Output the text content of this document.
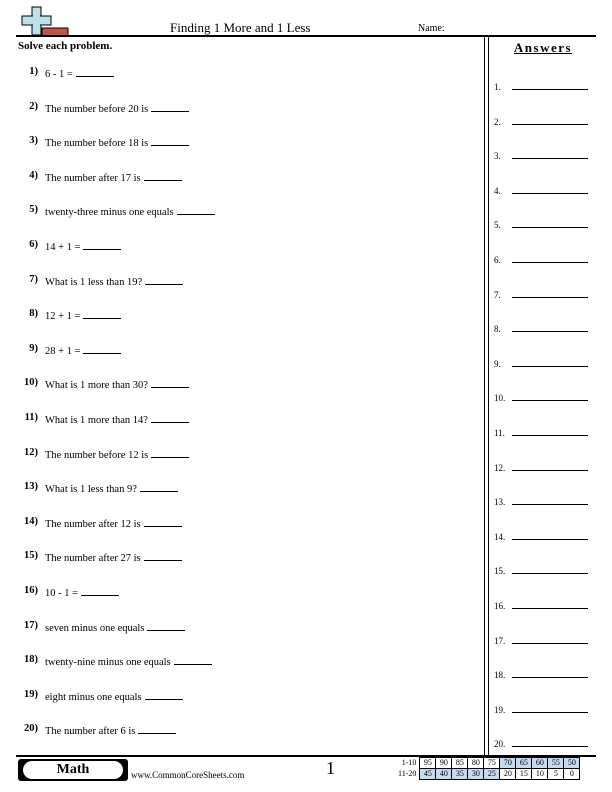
Finding 1 More and 1 Less	Name:
Solve each problem.
1) 6 - 1 =
2) The number before 20 is
3) The number before 18 is
4) The number after 17 is
5) twenty-three minus one equals
6) 14 + 1 =
7) What is 1 less than 19?
8) 12 + 1 =
9) 28 + 1 =
10) What is 1 more than 30?
11) What is 1 more than 14?
12) The number before 12 is
13) What is 1 less than 9?
14) The number after 12 is
15) The number after 27 is
16) 10 - 1 =
17) seven minus one equals
18) twenty-nine minus one equals
19) eight minus one equals
20) The number after 6 is
Answers
1.
2.
3.
4.
5.
6.
7.
8.
9.
10.
11.
12.
13.
14.
15.
16.
17.
18.
19.
20.
Math	www.CommonCoreSheets.com	1	1-10	95	90	85	80	75	70	65	60	55	50
11-20	45	40	35	30	25	20	15	10	5	0
